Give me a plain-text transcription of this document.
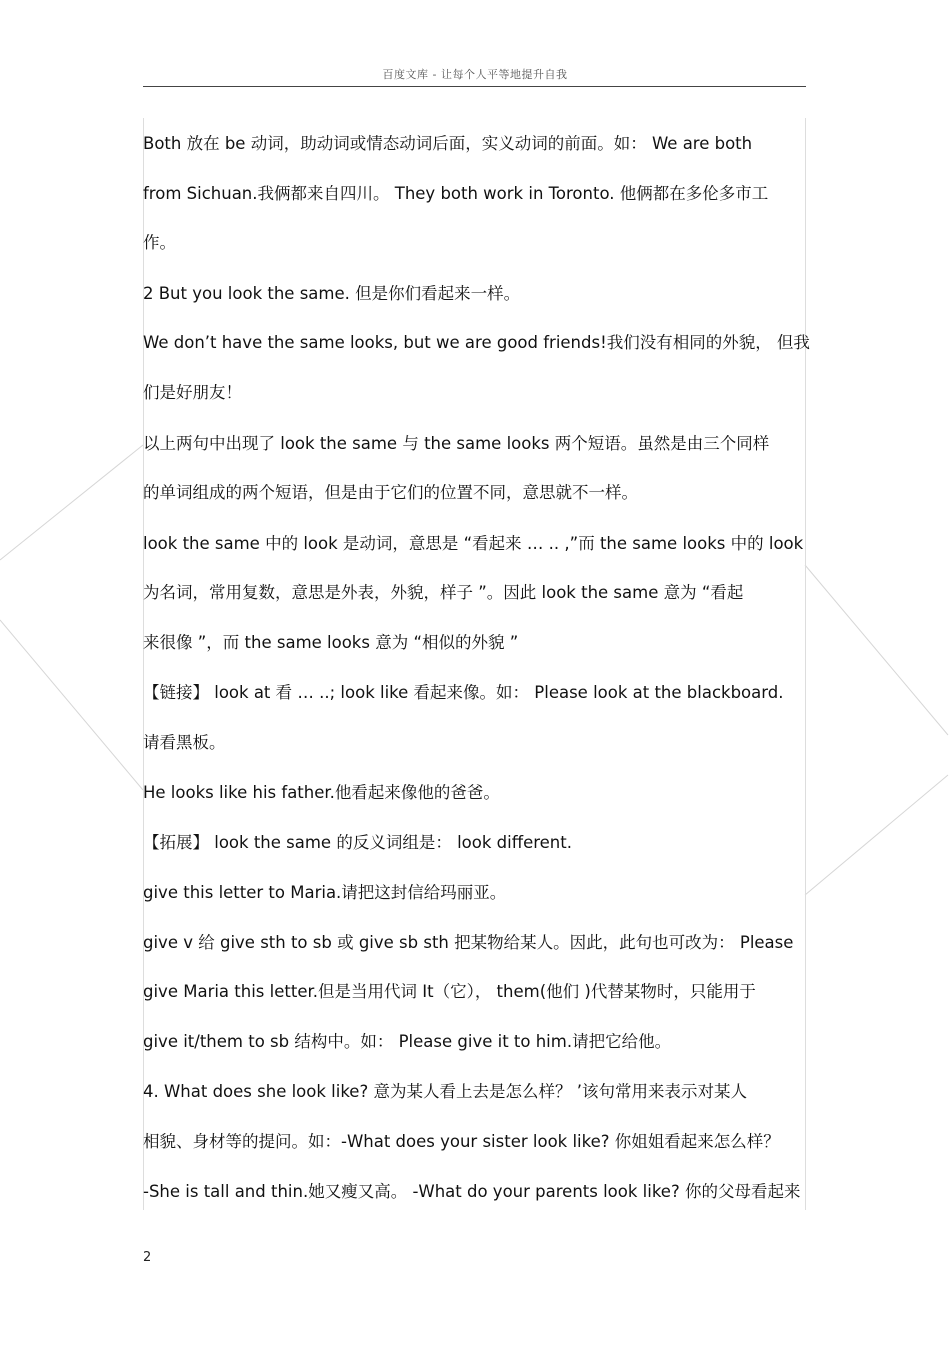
百度文库 - 让每个人平等地提升自我
Both 放在 be 动词，助动词或情态动词后面，实义动词的前面。如： We are both
from Sichuan.我俩都来自四川。 They both work in Toronto. 他俩都在多伦多市工
作。
2 But you look the same. 但是你们看起来一样。
We don’t have the same looks, but we are good friends!我们没有相同的外貌， 但我
们是好朋友！
以上两句中出现了 look the same 与 the same looks 两个短语。虽然是由三个同样
的单词组成的两个短语，但是由于它们的位置不同，意思就不一样。
look the same 中的 look 是动词，意思是 “看起来 … .. ,”而 the same looks 中的 look
为名词，常用复数，意思是外表，外貌，样子 ”。因此 look the same 意为 “看起
来很像 ”，而 the same looks 意为 “相似的外貌 ”
【链接】 look at 看 … ..; look like 看起来像。如： Please look at the blackboard.
请看黑板。
He looks like his father.他看起来像他的爸爸。
【拓展】 look the same 的反义词组是： look different.
give this letter to Maria.请把这封信给玛丽亚。
give v 给 give sth to sb 或 give sb sth 把某物给某人。因此，此句也可改为： Please
give Maria this letter.但是当用代词 It（它）， them(他们 )代替某物时，只能用于
give it/them to sb 结构中。如： Please give it to him.请把它给他。
4. What does she look like? 意为某人看上去是怎么样？ ’该句常用来表示对某人
相貌、身材等的提问。如：-What does your sister look like? 你姐姐看起来怎么样？
-She is tall and thin.她又瘦又高。 -What do your parents look like? 你的父母看起来
2
